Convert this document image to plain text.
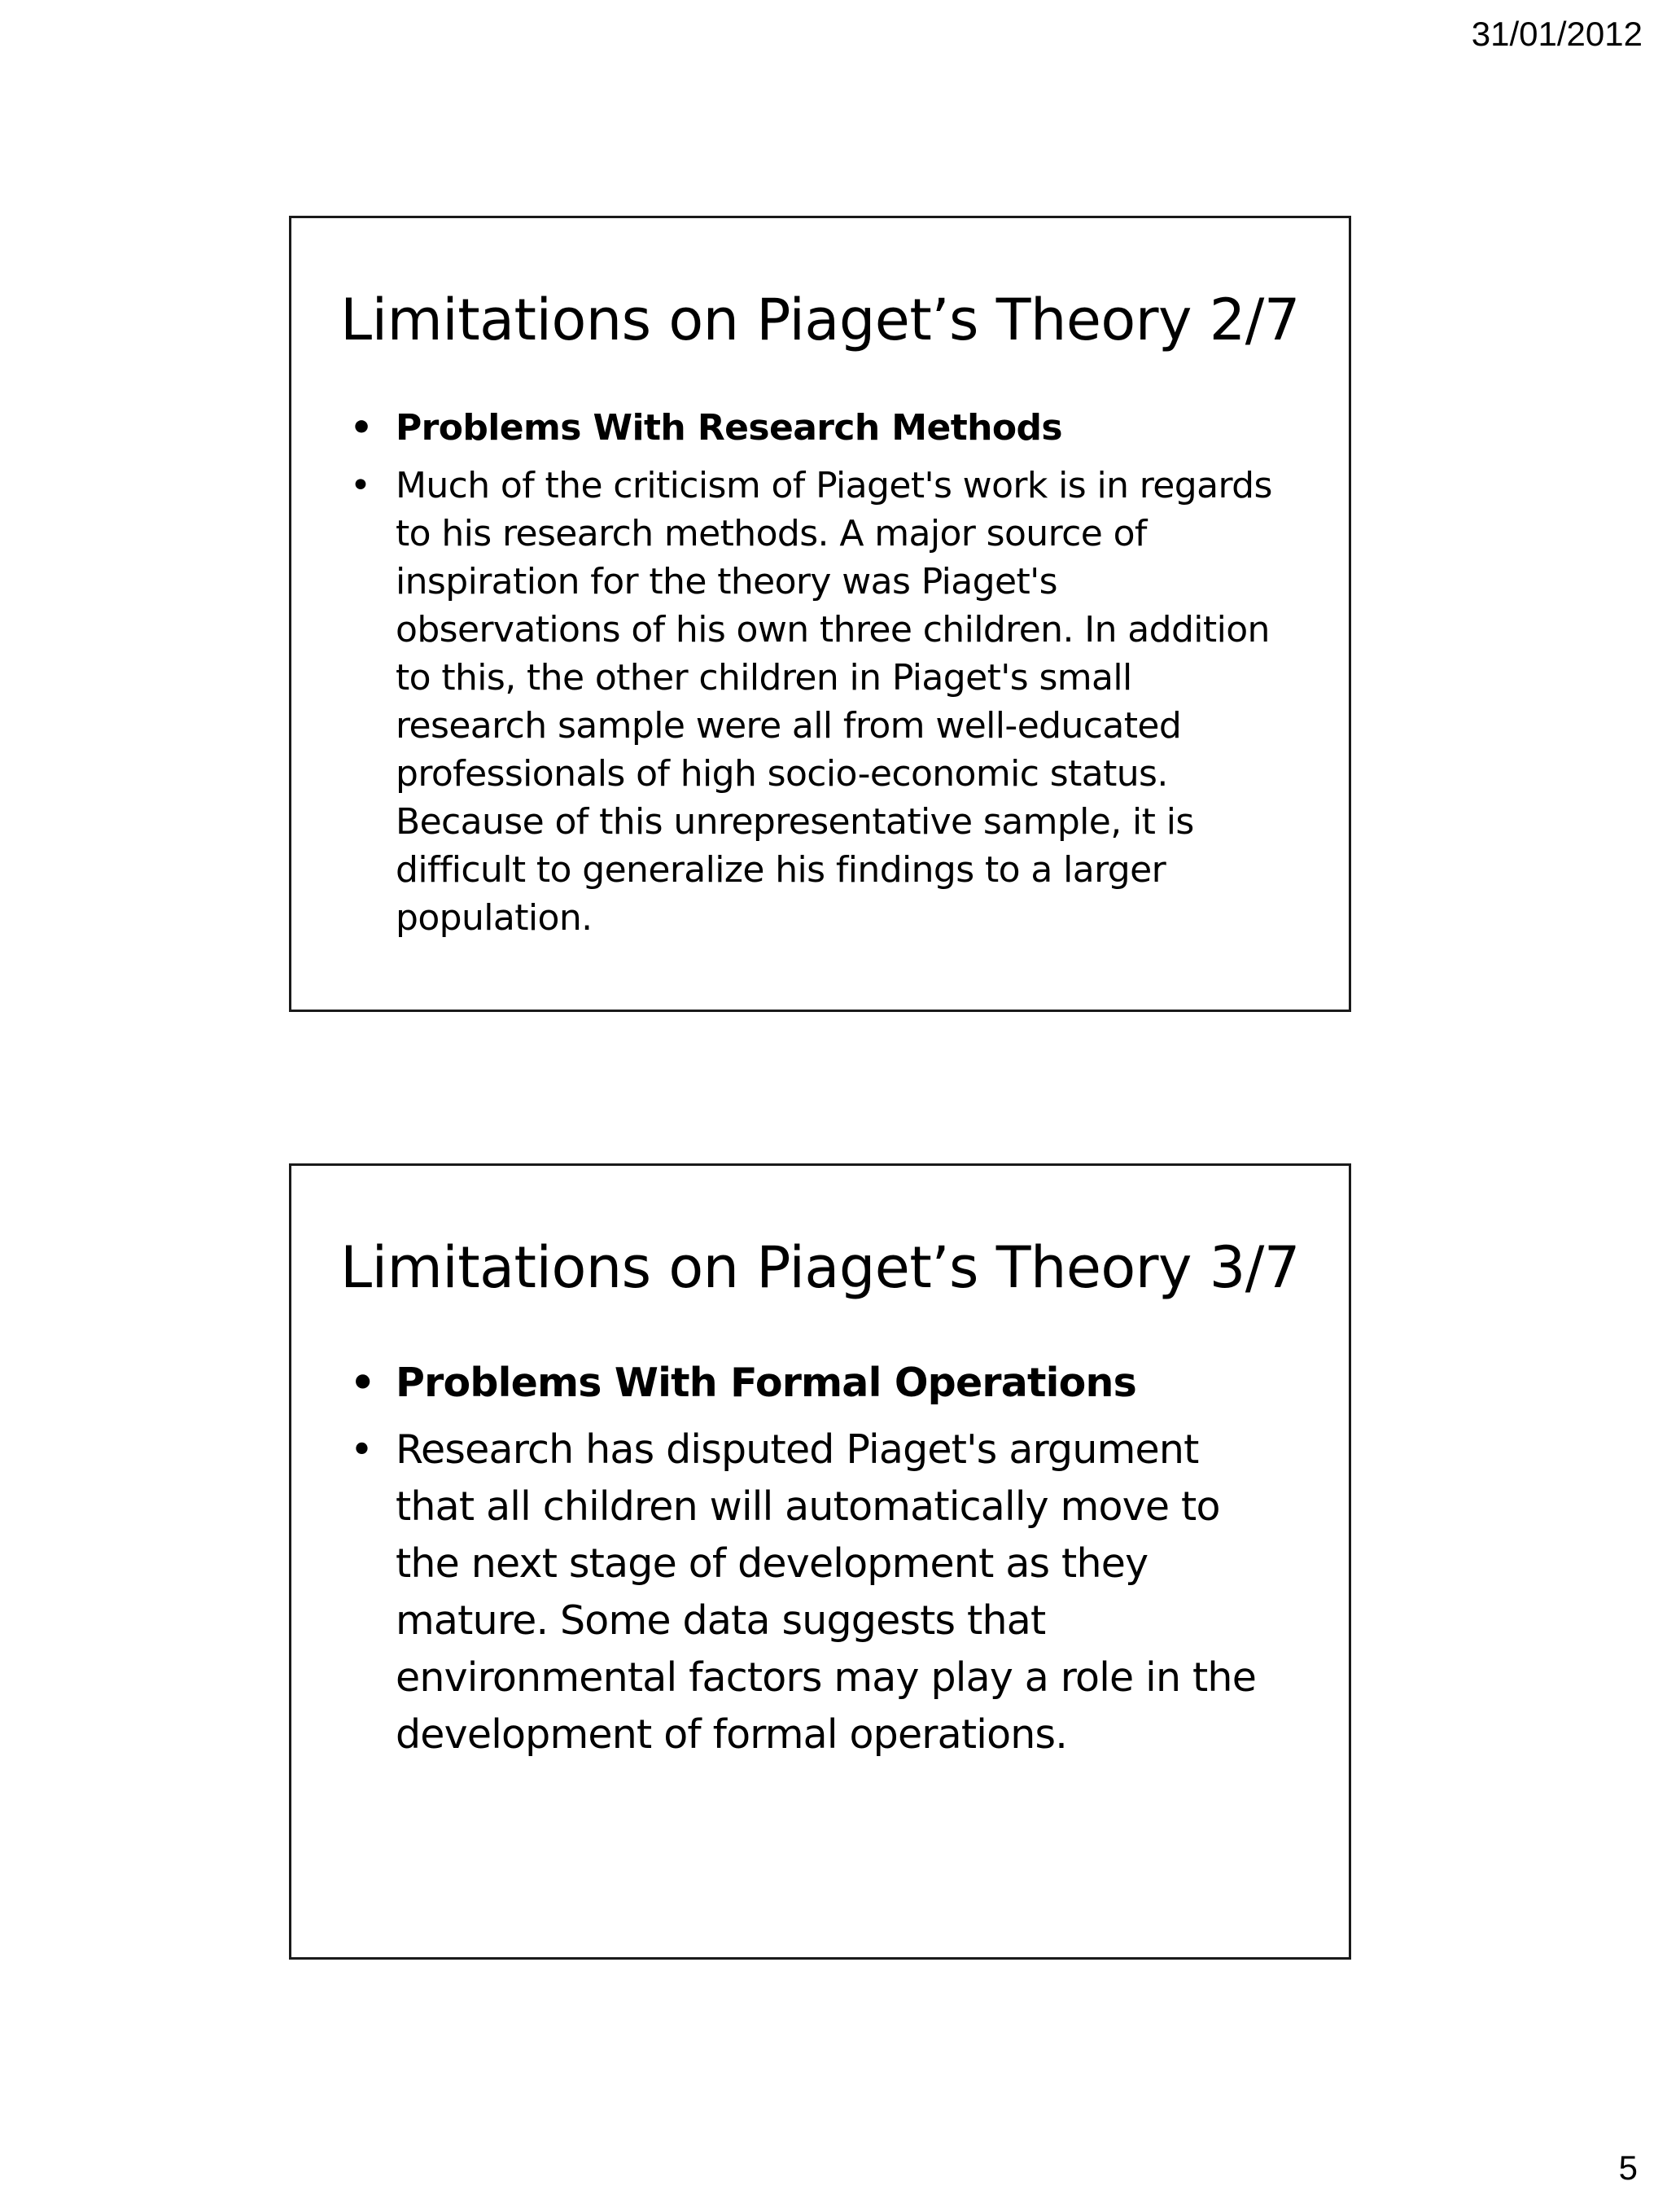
31/01/2012
Limitations on Piaget’s Theory 2/7
• Problems With Research Methods
• Much of the criticism of Piaget's work is in regards to his research methods. A major source of inspiration for the theory was Piaget's observations of his own three children. In addition to this, the other children in Piaget's small research sample were all from well-educated professionals of high socio-economic status. Because of this unrepresentative sample, it is difficult to generalize his findings to a larger population.
Limitations on Piaget’s Theory 3/7
• Problems With Formal Operations
• Research has disputed Piaget's argument that all children will automatically move to the next stage of development as they mature. Some data suggests that environmental factors may play a role in the development of formal operations.
5
